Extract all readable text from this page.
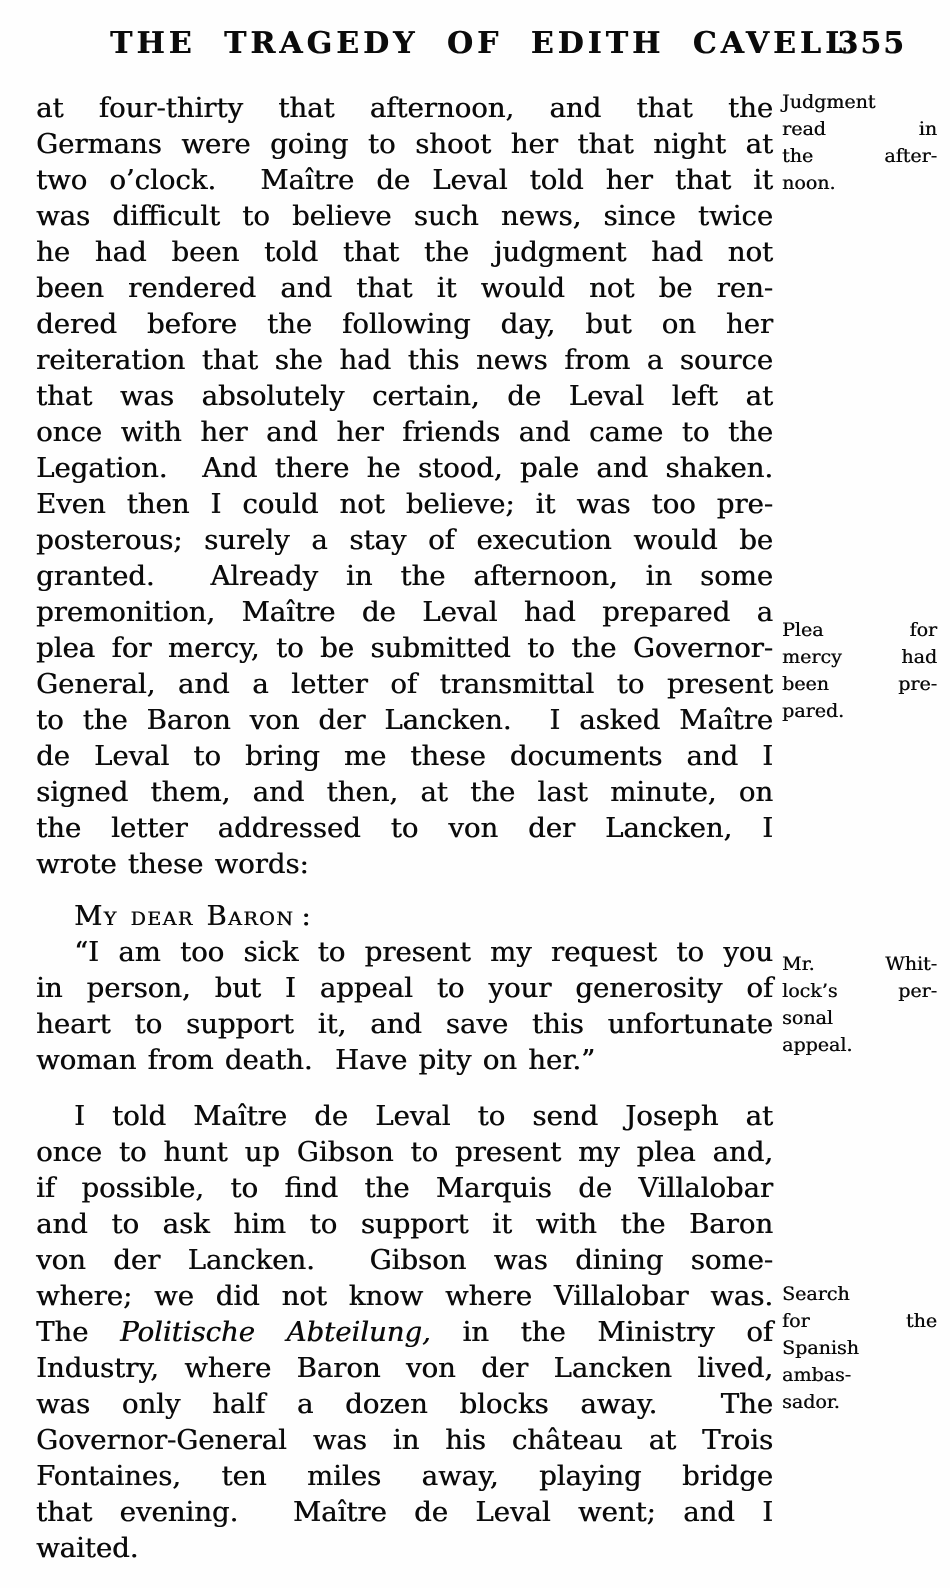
THE TRAGEDY OF EDITH CAVELL
355
at four-thirty that afternoon, and that the
Germans were going to shoot her that night at
two o’clock.  Maître de Leval told her that it
was difficult to believe such news, since twice
he had been told that the judgment had not
been rendered and that it would not be ren-
dered before the following day, but on her
reiteration that she had this news from a source
that was absolutely certain, de Leval left at
once with her and her friends and came to the
Legation.  And there he stood, pale and shaken.
Even then I could not believe; it was too pre-
posterous; surely a stay of execution would be
granted.  Already in the afternoon, in some
premonition, Maître de Leval had prepared a
plea for mercy, to be submitted to the Governor-
General, and a letter of transmittal to present
to the Baron von der Lancken.  I asked Maître
de Leval to bring me these documents and I
signed them, and then, at the last minute, on
the letter addressed to von der Lancken, I
wrote these words:
My dear Baron :
“I am too sick to present my request to you
in person, but I appeal to your generosity of
heart to support it, and save this unfortunate
woman from death.  Have pity on her.”
I told Maître de Leval to send Joseph at
once to hunt up Gibson to present my plea and,
if possible, to find the Marquis de Villalobar
and to ask him to support it with the Baron
von der Lancken.  Gibson was dining some-
where; we did not know where Villalobar was.
The Politische Abteilung, in the Ministry of
Industry, where Baron von der Lancken lived,
was only half a dozen blocks away.  The
Governor-General was in his château at Trois
Fontaines, ten miles away, playing bridge
that evening.  Maître de Leval went; and I
waited.
Judgment
read in
the after-
noon.
Plea for
mercy had
been pre-
pared.
Mr. Whit-
lock’s per-
sonal
appeal.
Search
for the
Spanish
ambas-
sador.
